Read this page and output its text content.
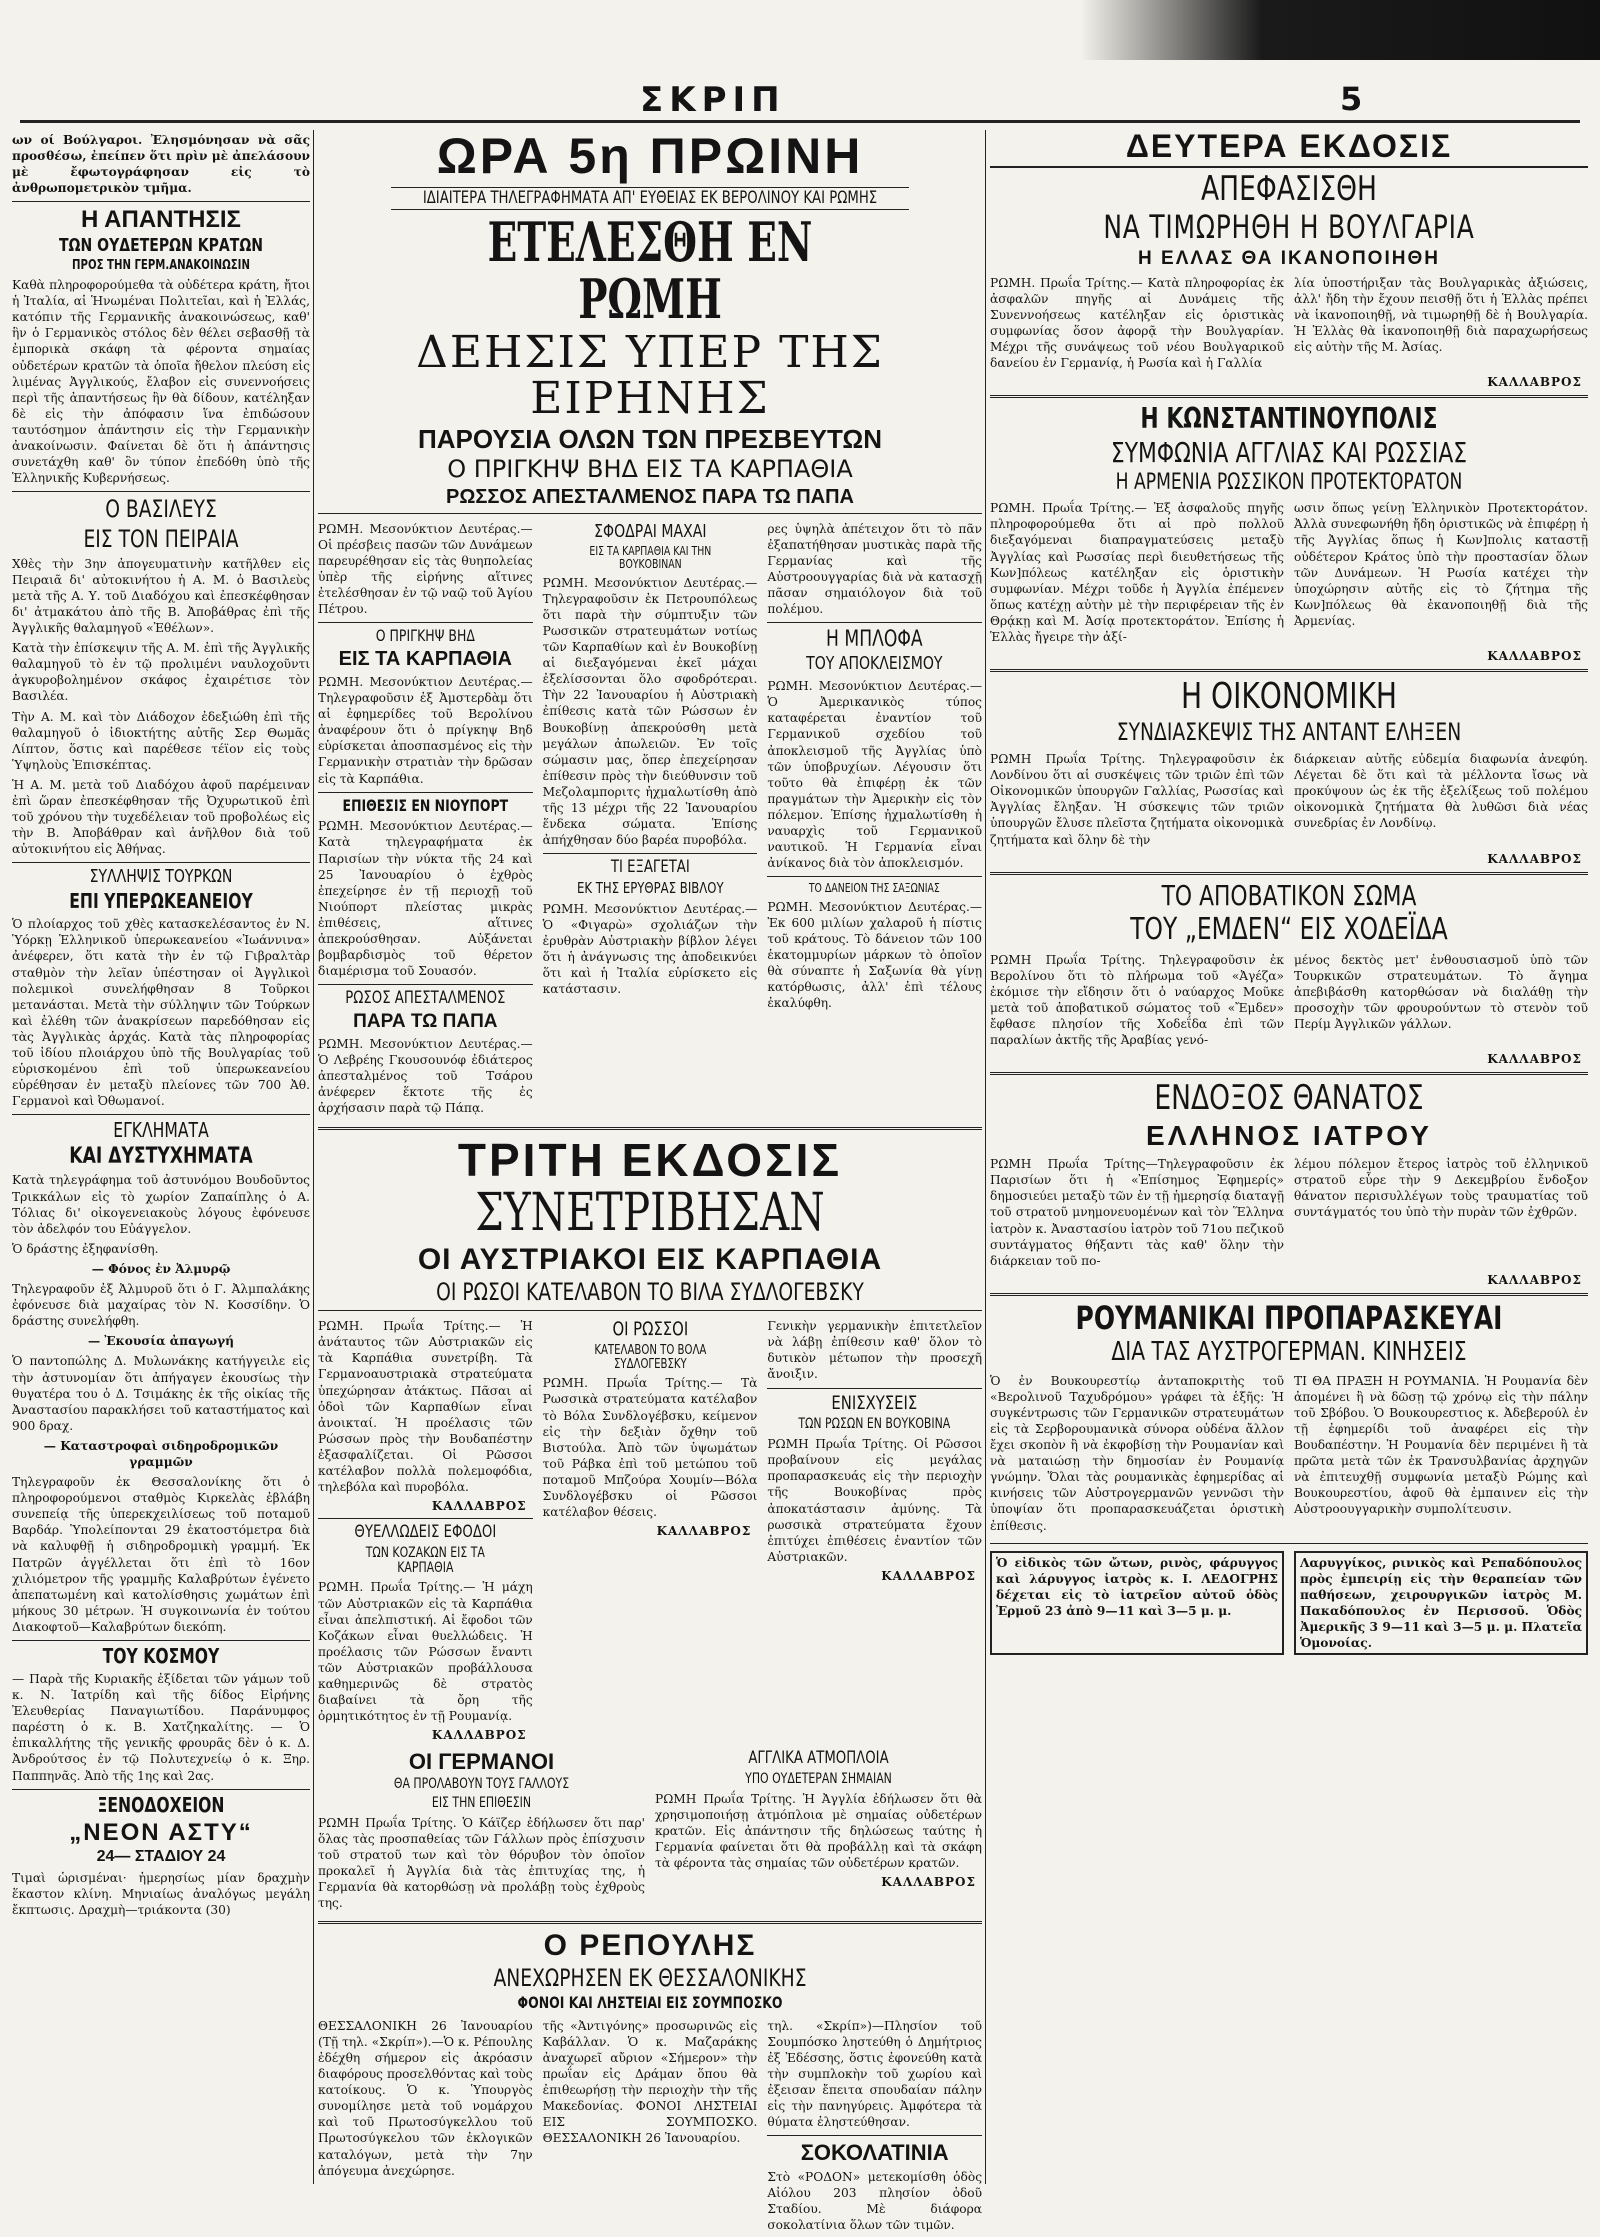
ΣΚΡΙΠ	5
ων οί Βούλγαροι. Ἐλησμόνησαν νὰ σᾶς προσθέσω, ἐπείπεν ὅτι πρὶν μὲ ἀπελάσουν μὲ ἔφωτογράφησαν εἰς τὸ ἀνθρωπομετρικὸν τμῆμα.
Η ΑΠΑΝΤΗΣΙΣ
ΤΩΝ ΟΥΔΕΤΕΡΩΝ ΚΡΑΤΩΝ
ΠΡΟΣ ΤΗΝ ΓΕΡΜ.ΑΝΑΚΟΙΝΩΣΙΝ
Καθὰ πληροφορούμεθα τὰ οὐδέτερα κράτη, ἤτοι ἡ Ἰταλία, αἱ Ἡνωμέναι Πολιτεῖαι, καὶ ἡ Ἑλλάς, κατόπιν τῆς Γερμανικῆς ἀνακοινώσεως, καθ' ἣν ὁ Γερμανικὸς στόλος δὲν θέλει σεβασθῇ τὰ ἐμπορικὰ σκάφη τὰ φέροντα σημαίας οὐδετέρων κρατῶν τὰ ὁποῖα ἤθελον πλεύση εἰς λιμένας Ἀγγλικούς, ἔλαβον εἰς συνεννοήσεις περὶ τῆς ἀπαντήσεως ἣν θὰ δίδουν, κατέληξαν δὲ εἰς τὴν ἀπόφασιν ἵνα ἐπιδώσουν ταυτόσημον ἀπάντησιν εἰς τὴν Γερμανικὴν ἀνακοίνωσιν. Φαίνεται δὲ ὅτι ἡ ἀπάντησις συνετάχθη καθ' ὃν τύπον ἐπεδόθη ὑπὸ τῆς Ἑλληνικῆς Κυβερνήσεως.
Ο ΒΑΣΙΛΕΥΣ
ΕΙΣ ΤΟΝ ΠΕΙΡΑΙΑ
Χθὲς τὴν 3ην ἀπογευματινὴν κατῆλθεν εἰς Πειραιᾶ δι' αὐτοκινήτου ἡ Α. Μ. ὁ Βασιλεὺς μετὰ τῆς Α. Υ. τοῦ Διαδόχου καὶ ἐπεσκέφθησαν δι' ἀτμακάτου ἀπὸ τῆς Β. Ἀποβάθρας ἐπὶ τῆς Ἀγγλικῆς θαλαμηγοῦ «Ἐθέλων».
Κατὰ τὴν ἐπίσκεψιν τῆς Α. Μ. ἐπὶ τῆς Ἀγγλικῆς θαλαμηγοῦ τὸ ἐν τῷ προλιμένι ναυλοχοῦντι ἀγκυροβολημένον σκάφος ἐχαιρέτισε τὸν Βασιλέα.
Τὴν Α. Μ. καὶ τὸν Διάδοχον ἐδεξιώθη ἐπὶ τῆς θαλαμηγοῦ ὁ ἰδιοκτήτης αὐτῆς Σερ Θωμᾶς Λίπτον, ὅστις καὶ παρέθεσε τέϊον εἰς τοὺς Ὑψηλοὺς Ἐπισκέπτας.
Ἡ Α. Μ. μετὰ τοῦ Διαδόχου ἀφοῦ παρέμειναν ἐπὶ ὥραν ἐπεσκέφθησαν τῆς Ὀχυρωτικοῦ ἐπὶ τοῦ χρόνου τὴν τυχεδέλειαν τοῦ προβολέως εἰς τὴν Β. Ἀποβάθραν καὶ ἀνῆλθον διὰ τοῦ αὐτοκινήτου εἰς Ἀθήνας.
ΣΥΛΛΗΨΙΣ ΤΟΥΡΚΩΝ
ΕΠΙ ΥΠΕΡΩΚΕΑΝΕΙΟΥ
Ὁ πλοίαρχος τοῦ χθὲς κατασκελέσαντος ἐν Ν. Ὑόρκῃ Ἑλληνικοῦ ὑπερωκεανείου «Ἰωάννινα» ἀνέφερεν, ὅτι κατὰ τὴν ἐν τῷ Γιβραλτὰρ σταθμὸν τὴν λεῖαν ὑπέστησαν οἱ Ἀγγλικοὶ πολεμικοὶ συνελήφθησαν 8 Τοῦρκοι μετανάσται. Μετὰ τὴν σύλληψιν τῶν Τούρκων καὶ ἐλέθη τῶν ἀνακρίσεων παρεδόθησαν εἰς τὰς Ἀγγλικὰς ἀρχάς. Κατὰ τὰς πληροφορίας τοῦ ἰδίου πλοιάρχου ὑπὸ τῆς Βουλγαρίας τοῦ εὑρισκομένου ἐπὶ τοῦ ὑπερωκεανείου εὑρέθησαν ἐν μεταξὺ πλείονες τῶν 700 Ἀθ. Γερμανοὶ καὶ Ὀθωμανοί.
ΕΓΚΛΗΜΑΤΑ
ΚΑΙ ΔΥΣΤΥΧΗΜΑΤΑ
Κατὰ τηλεγράφημα τοῦ ἀστυνόμου Βουδοῦντος Τρικκάλων εἰς τὸ χωρίον Ζαπαίπλης ὁ Α. Τόλιας δι' οἰκογενειακοὺς λόγους ἐφόνευσε τὸν ἀδελφόν του Εὐάγγελον.
Ὁ δράστης ἐξηφανίσθη.
— Φόνος ἐν Ἀλμυρῷ
Τηλεγραφοῦν ἐξ Ἀλμυροῦ ὅτι ὁ Γ. Ἀλμπαλάκης ἐφόνευσε διὰ μαχαίρας τὸν Ν. Κοσσίδην. Ὁ δράστης συνελήφθη.
— Ἐκουσία ἀπαγωγή
Ὁ παντοπώλης Δ. Μυλωνάκης κατήγγειλε εἰς τὴν ἀστυνομίαν ὅτι ἀπήγαγεν ἐκουσίως τὴν θυγατέρα του ὁ Δ. Τσιμάκης ἐκ τῆς οἰκίας τῆς Ἀναστασίου παρακλήσει τοῦ καταστήματος καὶ 900 δραχ.
— Καταστροφαὶ σιδηροδρομικῶν γραμμῶν
Τηλεγραφοῦν ἐκ Θεσσαλονίκης ὅτι ὁ πληροφορούμενοι σταθμὸς Κιρκελὰς ἐβλάβη συνεπείᾳ τῆς ὑπερεκχειλίσεως τοῦ ποταμοῦ Βαρδάρ. Ὑπολείπονται 29 ἑκατοστόμετρα διὰ νὰ καλυφθῇ ἡ σιδηροδρομικὴ γραμμή. Ἐκ Πατρῶν ἀγγέλλεται ὅτι ἐπὶ τὸ 16ον χιλιόμετρον τῆς γραμμῆς Καλαβρύτων ἐγένετο ἀπεπατωμένη καὶ κατολίσθησις χωμάτων ἐπὶ μήκους 30 μέτρων. Ἡ συγκοινωνία ἐν τούτου Διακοφτοῦ—Καλαβρύτων διεκόπη.
ΤΟΥ ΚΟΣΜΟΥ
— Παρὰ τῆς Κυριακῆς ἐξίδεται τῶν γάμων τοῦ κ. Ν. Ἰατρίδη καὶ τῆς δίδος Εἰρήνης Ἐλευθερίας Παναγιωτίδου. Παράνυμφος παρέστη ὁ κ. Β. Χατζηκαλίτης. — Ὁ ἐπικαλλήτης τῆς γενικῆς φρουρᾶς δὲν ὁ κ. Δ. Ἀνδρούτσος ἐν τῷ Πολυτεχνείῳ ὁ κ. Ξηρ. Παππηνᾶς. Ἀπὸ τῆς 1ης καὶ 2ας.
ΞΕΝΟΔΟΧΕΙΟΝ
„ΝΕΟΝ ΑΣΤΥ“
24— ΣΤΑΔΙΟΥ 24
Τιμαὶ ὡρισμέναι· ἡμερησίως μίαν δραχμὴν ἕκαστον κλίνη. Μηνιαίως ἀναλόγως μεγάλη ἔκπτωσις. Δραχμὴ—τριάκοντα (30)
ΩΡΑ 5η ΠΡΩΙΝΗ
ΙΔΙΑΙΤΕΡΑ ΤΗΛΕΓΡΑΦΗΜΑΤΑ ΑΠ' ΕΥΘΕΙΑΣ ΕΚ ΒΕΡΟΛΙΝΟΥ ΚΑΙ ΡΩΜΗΣ
ΕΤΕΛΕΣΘΗ ΕΝ ΡΩΜΗ
ΔΕΗΣΙΣ ΥΠΕΡ ΤΗΣ ΕΙΡΗΝΗΣ
ΠΑΡΟΥΣΙΑ ΟΛΩΝ ΤΩΝ ΠΡΕΣΒΕΥΤΩΝ
Ο ΠΡΙΓΚΗΨ ΒΗΔ ΕΙΣ ΤΑ ΚΑΡΠΑΘΙΑ
ΡΩΣΣΟΣ ΑΠΕΣΤΑΛΜΕΝΟΣ ΠΑΡΑ ΤΩ ΠΑΠΑ
ΡΩΜΗ. Μεσονύκτιον Δευτέρας.— Οἱ πρέσβεις πασῶν τῶν Δυνάμεων παρευρέθησαν εἰς τὰς θυηπολείας ὑπὲρ τῆς εἰρήνης αἵτινες ἐτελέσθησαν ἐν τῷ ναῷ τοῦ Ἁγίου Πέτρου.
Ο ΠΡΙΓΚΗΨ ΒΗΔ
ΕΙΣ ΤΑ ΚΑΡΠΑΘΙΑ
ΡΩΜΗ. Μεσονύκτιον Δευτέρας.— Τηλεγραφοῦσιν ἐξ Ἀμστερδὰμ ὅτι αἱ ἐφημερίδες τοῦ Βερολίνου ἀναφέρουν ὅτι ὁ πρίγκηψ Βηδ εὑρίσκεται ἀποσπασμένος εἰς τὴν Γερμανικὴν στρατιὰν τὴν δρῶσαν εἰς τὰ Καρπάθια.
ΕΠΙΘΕΣΙΣ ΕΝ ΝΙΟΥΠΟΡΤ
ΡΩΜΗ. Μεσονύκτιον Δευτέρας.— Κατὰ τηλεγραφήματα ἐκ Παρισίων τὴν νύκτα τῆς 24 καὶ 25 Ἰανουαρίου ὁ ἐχθρὸς ἐπεχείρησε ἐν τῇ περιοχῇ τοῦ Νιούπορτ πλείστας μικρὰς ἐπιθέσεις, αἵτινες ἀπεκρούσθησαν. Αὐξάνεται βομβαρδισμὸς τοῦ θέρετον διαμέρισμα τοῦ Σουασόν.
ΡΩΣΟΣ ΑΠΕΣΤΑΛΜΕΝΟΣ
ΠΑΡΑ ΤΩ ΠΑΠΑ
ΡΩΜΗ. Μεσονύκτιον Δευτέρας.— Ὁ Λεβρέης Γκουσουνόφ ἐδιάτερος ἀπεσταλμένος τοῦ Τσάρου ἀνέφερεν ἕκτοτε τῆς ἐς ἀρχήσασιν παρὰ τῷ Πάπᾳ.
ΣΦΟΔΡΑΙ ΜΑΧΑΙ
ΕΙΣ ΤΑ ΚΑΡΠΑΘΙΑ ΚΑΙ ΤΗΝ ΒΟΥΚΟΒΙΝΑΝ
ΡΩΜΗ. Μεσονύκτιον Δευτέρας.— Τηλεγραφοῦσιν ἐκ Πετρουπόλεως ὅτι παρὰ τὴν σύμπτυξιν τῶν Ρωσσικῶν στρατευμάτων νοτίως τῶν Καρπαθίων καὶ ἐν Βουκοβίνῃ αἱ διεξαγόμεναι ἐκεῖ μάχαι ἐξελίσσονται ὅλο σφοδρότεραι. Τὴν 22 Ἰανουαρίου ἡ Αὐστριακὴ ἐπίθεσις κατὰ τῶν Ρώσσων ἐν Βουκοβίνῃ ἀπεκρούσθη μετὰ μεγάλων ἀπωλειῶν. Ἐν τοῖς σώμασιν μας, ὅπερ ἐπεχείρησαν ἐπίθεσιν πρὸς τὴν διεύθυνσιν τοῦ Μεζολαμποριτς ἠχμαλωτίσθη ἀπὸ τῆς 13 μέχρι τῆς 22 Ἰανουαρίου ἕνδεκα σώματα. Ἐπίσης ἀπήχθησαν δύο βαρέα πυροβόλα.
ΤΙ ΕΞΑΓΕΤΑΙ
ΕΚ ΤΗΣ ΕΡΥΘΡΑΣ ΒΙΒΛΟΥ
ΡΩΜΗ. Μεσονύκτιον Δευτέρας.— Ὁ «Φιγαρὼ» σχολιάζων τὴν ἐρυθρὰν Αὐστριακὴν βίβλον λέγει ὅτι ἡ ἀνάγνωσις της ἀποδεικνύει ὅτι καὶ ἡ Ἰταλία εὑρίσκετο εἰς κατάστασιν.
ρες ὑψηλὰ ἀπέτειχον ὅτι τὸ πᾶν ἐξαπατήθησαν μυστικὰς παρὰ τῆς Γερμανίας καὶ τῆς Αὐστροουγγαρίας διὰ νὰ κατασχῇ πᾶσαν σημαιόλογον διὰ τοῦ πολέμου.
Η ΜΠΛΟΦΑ
ΤΟΥ ΑΠΟΚΛΕΙΣΜΟΥ
ΡΩΜΗ. Μεσονύκτιον Δευτέρας.— Ὁ Ἀμερικανικὸς τύπος καταφέρεται ἐναντίον τοῦ Γερμανικοῦ σχεδίου τοῦ ἀποκλεισμοῦ τῆς Ἀγγλίας ὑπὸ τῶν ὑποβρυχίων. Λέγουσιν ὅτι τοῦτο θὰ ἐπιφέρῃ ἐκ τῶν πραγμάτων τὴν Ἀμερικὴν εἰς τὸν πόλεμον. Ἐπίσης ἠχμαλωτίσθη ἡ ναυαρχὶς τοῦ Γερμανικοῦ ναυτικοῦ. Ἡ Γερμανία εἶναι ἀνίκανος διὰ τὸν ἀποκλεισμόν.
ΤΟ ΔΑΝΕΙΟΝ ΤΗΣ ΣΑΞΩΝΙΑΣ
ΡΩΜΗ. Μεσονύκτιον Δευτέρας.— Ἐκ 600 μιλίων χαλαροῦ ἡ πίστις τοῦ κράτους. Τὸ δάνειον τῶν 100 ἑκατομμυρίων μάρκων τὸ ὁποῖον θὰ σύναπτε ἡ Σαξωνία θὰ γίνῃ κατόρθωσις, ἀλλ' ἐπὶ τέλους ἐκαλύφθη.
ΤΡΙΤΗ ΕΚΔΟΣΙΣ
ΣΥΝΕΤΡΙΒΗΣΑΝ
ΟΙ ΑΥΣΤΡΙΑΚΟΙ ΕΙΣ ΚΑΡΠΑΘΙΑ
ΟΙ ΡΩΣΟΙ ΚΑΤΕΛΑΒΟΝ ΤΟ ΒΙΛΑ ΣΥΔΛΟΓΕΒΣΚΥ
ΡΩΜΗ. Πρωΐα Τρίτης.— Ἡ ἀνάταυτος τῶν Αὐστριακῶν εἰς τὰ Καρπάθια συνετρίβη. Τὰ Γερμανοαυστριακὰ στρατεύματα ὑπεχώρησαν ἀτάκτως. Πᾶσαι αἱ ὁδοὶ τῶν Καρπαθίων εἶναι ἀνοικταί. Ἡ προέλασις τῶν Ρώσσων πρὸς τὴν Βουδαπέστην ἐξασφαλίζεται. Οἱ Ρῶσσοι κατέλαβον πολλὰ πολεμοφόδια, τηλεβόλα καὶ πυροβόλα.
ΚΑΛΛΑΒΡΟΣ
ΘΥΕΛΛΩΔΕΙΣ ΕΦΟΔΟΙ
ΤΩΝ ΚΟΖΑΚΩΝ ΕΙΣ ΤΑ ΚΑΡΠΑΘΙΑ
ΡΩΜΗ. Πρωΐα Τρίτης.— Ἡ μάχη τῶν Αὐστριακῶν εἰς τὰ Καρπάθια εἶναι ἀπελπιστική. Αἱ ἔφοδοι τῶν Κοζάκων εἶναι θυελλώδεις. Ἡ προέλασις τῶν Ρώσσων ἔναντι τῶν Αὐστριακῶν προβάλλουσα καθημερινῶς δὲ στρατὸς διαβαίνει τὰ ὄρη τῆς ὀρμητικότητος ἐν τῇ Ρουμανίᾳ.
ΚΑΛΛΑΒΡΟΣ
ΟΙ ΡΩΣΣΟΙ
ΚΑΤΕΛΑΒΟΝ ΤΟ ΒΟΛΑ ΣΥΔΛΟΓΕΒΣΚΥ
ΡΩΜΗ. Πρωΐα Τρίτης.— Τὰ Ρωσσικὰ στρατεύματα κατέλαβον τὸ Βόλα Συνδλογέβσκυ, κείμενον εἰς τὴν δεξιὰν ὄχθην τοῦ Βιστούλα. Ἀπὸ τῶν ὑψωμάτων τοῦ Ράβκα ἐπὶ τοῦ μετώπου τοῦ ποταμοῦ Μπζούρα Χουμίν—Βόλα Συνδλογέβσκυ οἱ Ρῶσσοι κατέλαβον θέσεις.
ΚΑΛΛΑΒΡΟΣ
Γενικὴν γερμανικὴν ἐπιτετλεῖον νὰ λάβῃ ἐπίθεσιν καθ' ὅλον τὸ δυτικὸν μέτωπον τὴν προσεχῆ ἄνοιξιν.
ΕΝΙΣΧΥΣΕΙΣ
ΤΩΝ ΡΩΣΩΝ ΕΝ ΒΟΥΚΟΒΙΝΑ
ΡΩΜΗ Πρωΐα Τρίτης. Οἱ Ρῶσσοι προβαίνουν εἰς μεγάλας προπαρασκευάς εἰς τὴν περιοχὴν τῆς Βουκοβίνας πρὸς ἀποκατάστασιν ἀμύνης. Τὰ ρωσσικὰ στρατεύματα ἔχουν ἐπιτύχει ἐπιθέσεις ἐναντίον τῶν Αὐστριακῶν.
ΚΑΛΛΑΒΡΟΣ
ΟΙ ΓΕΡΜΑΝΟΙ
ΘΑ ΠΡΟΛΑΒΟΥΝ ΤΟΥΣ ΓΑΛΛΟΥΣ
ΕΙΣ ΤΗΝ ΕΠΙΘΕΣΙΝ
ΡΩΜΗ Πρωΐα Τρίτης. Ὁ Κάϊζερ ἐδήλωσεν ὅτι παρ' ὅλας τὰς προσπαθείας τῶν Γάλλων πρὸς ἐπίσχυσιν τοῦ στρατοῦ των καὶ τὸν θόρυβον τὸν ὁποῖον προκαλεῖ ἡ Ἀγγλία διὰ τὰς ἐπιτυχίας της, ἡ Γερμανία θὰ κατορθώσῃ νὰ προλάβῃ τοὺς ἐχθροὺς της.
ΑΓΓΛΙΚΑ ΑΤΜΟΠΛΟΙΑ
ΥΠΟ ΟΥΔΕΤΕΡΑΝ ΣΗΜΑΙΑΝ
ΡΩΜΗ Πρωΐα Τρίτης. Ἡ Ἀγγλία ἐδήλωσεν ὅτι θὰ χρησιμοποιήσῃ ἀτμόπλοια μὲ σημαίας οὐδετέρων κρατῶν. Εἰς ἀπάντησιν τῆς δηλώσεως ταύτης ἡ Γερμανία φαίνεται ὅτι θὰ προβάλλῃ καὶ τὰ σκάφη τὰ φέροντα τὰς σημαίας τῶν οὐδετέρων κρατῶν.
ΚΑΛΛΑΒΡΟΣ
Ο ΡΕΠΟΥΛΗΣ
ΑΝΕΧΩΡΗΣΕΝ ΕΚ ΘΕΣΣΑΛΟΝΙΚΗΣ
ΦΟΝΟΙ ΚΑΙ ΛΗΣΤΕΙΑΙ ΕΙΣ ΣΟΥΜΠΟΣΚΟ
ΘΕΣΣΑΛΟΝΙΚΗ 26 Ἰανουαρίου (Τῇ τηλ. «Σκρίπ»).—Ὁ κ. Ρέπουλης ἐδέχθη σήμερον εἰς ἀκρόασιν διαφόρους προσελθόντας καὶ τοὺς κατοίκους. Ὁ κ. Ὑπουργὸς συνομίλησε μετὰ τοῦ νομάρχου καὶ τοῦ Πρωτοσύγκελλου τοῦ Πρωτοσύγκελου τῶν ἐκλογικῶν καταλόγων, μετὰ τὴν 7ην ἀπόγευμα ἀνεχώρησε.
τῆς «Ἀντιγόνης» προσωρινῶς εἰς Καβάλλαν. Ὁ κ. Μαζαράκης ἀναχωρεῖ αὔριον «Σήμερον» τὴν πρωΐαν εἰς Δράμαν ὅπου θὰ ἐπιθεωρήσῃ τὴν περιοχὴν τὴν τῆς Μακεδονίας. ΦΟΝΟΙ ΛΗΣΤΕΙΑΙ ΕΙΣ ΣΟΥΜΠΟΣΚΟ. ΘΕΣΣΑΛΟΝΙΚΗ 26 Ἰανουαρίου.
τηλ. «Σκρίπ»)—Πλησίον τοῦ Σουμπόσκο ληστεύθη ὁ Δημήτριος ἐξ Ἐδέσσης, ὅστις ἐφονεύθη κατὰ τὴν συμπλοκὴν τοῦ χωρίου καὶ ἐξεισαν ἔπειτα σπουδαίαν πάλην εἰς τὴν πανηγύρεις. Ἀμφότερα τὰ θύματα ἐληστεύθησαν.
ΣΟΚΟΛΑΤΙΝΙΑ
Στὸ «ΡΟΔΟΝ» μετεκομίσθη ὁδὸς Αἰόλου 203 πλησίον ὁδοῦ Σταδίου. Μὲ διάφορα σοκολατίνια ὅλων τῶν τιμῶν.
ΔΕΥΤΕΡΑ ΕΚΔΟΣΙΣ
ΑΠΕΦΑΣΙΣΘΗ
ΝΑ ΤΙΜΩΡΗΘΗ Η ΒΟΥΛΓΑΡΙΑ
Η ΕΛΛΑΣ ΘΑ ΙΚΑΝΟΠΟΙΗΘΗ
ΡΩΜΗ. Πρωΐα Τρίτης.— Κατὰ πληροφορίας ἐκ ἀσφαλῶν πηγῆς αἱ Δυνάμεις τῆς Συνεννοήσεως κατέληξαν εἰς ὁριστικὰς συμφωνίας ὅσον ἀφορᾷ τὴν Βουλγαρίαν. Μέχρι τῆς συνάψεως τοῦ νέου Βουλγαρικοῦ δανείου ἐν Γερμανίᾳ, ἡ Ρωσία καὶ ἡ Γαλλία
λία ὑποστήριξαν τὰς Βουλγαρικὰς ἀξιώσεις, ἀλλ' ἤδη τὴν ἔχουν πεισθῇ ὅτι ἡ Ἑλλὰς πρέπει νὰ ἱκανοποιηθῇ, νὰ τιμωρηθῇ δὲ ἡ Βουλγαρία. Ἡ Ἑλλὰς θὰ ἱκανοποιηθῇ διὰ παραχωρήσεως εἰς αὐτὴν τῆς Μ. Ἀσίας.
ΚΑΛΛΑΒΡΟΣ
Η ΚΩΝΣΤΑΝΤΙΝΟΥΠΟΛΙΣ
ΣΥΜΦΩΝΙΑ ΑΓΓΛΙΑΣ ΚΑΙ ΡΩΣΣΙΑΣ
Η ΑΡΜΕΝΙΑ ΡΩΣΣΙΚΟΝ ΠΡΟΤΕΚΤΟΡΑΤΟΝ
ΡΩΜΗ. Πρωΐα Τρίτης.— Ἐξ ἀσφαλοῦς πηγῆς πληροφορούμεθα ὅτι αἱ πρὸ πολλοῦ διεξαγόμεναι διαπραγματεύσεις μεταξὺ Ἀγγλίας καὶ Ρωσσίας περὶ διευθετήσεως τῆς Κων]πόλεως κατέληξαν εἰς ὁριστικὴν συμφωνίαν. Μέχρι τοῦδε ἡ Ἀγγλία ἐπέμενεν ὅπως κατέχῃ αὐτὴν μὲ τὴν περιφέρειαν τῆς ἐν Θρᾴκῃ καὶ Μ. Ἀσίᾳ προτεκτοράτον. Ἐπίσης ἡ Ἑλλὰς ἤγειρε τὴν ἀξί-
ωσιν ὅπως γείνῃ Ἑλληνικὸν Προτεκτοράτον. Ἀλλὰ συνεφωνήθη ἤδη ὁριστικῶς νὰ ἐπιφέρῃ ἡ τῆς Ἀγγλίας ὅπως ἡ Κων]πολις καταστῇ οὐδέτερον Κράτος ὑπὸ τὴν προστασίαν ὅλων τῶν Δυνάμεων. Ἡ Ρωσία κατέχει τὴν ὑποχώρησιν αὐτῆς εἰς τὸ ζήτημα τῆς Κων]πόλεως θὰ ἐκανοποιηθῇ διὰ τῆς Ἀρμενίας.
ΚΑΛΛΑΒΡΟΣ
Η ΟΙΚΟΝΟΜΙΚΗ
ΣΥΝΔΙΑΣΚΕΨΙΣ ΤΗΣ ΑΝΤΑΝΤ ΕΛΗΞΕΝ
ΡΩΜΗ Πρωΐα Τρίτης. Τηλεγραφοῦσιν ἐκ Λονδίνου ὅτι αἱ συσκέψεις τῶν τριῶν ἐπὶ τῶν Οἰκονομικῶν ὑπουργῶν Γαλλίας, Ρωσσίας καὶ Ἀγγλίας ἔληξαν. Ἡ σύσκεψις τῶν τριῶν ὑπουργῶν ἔλυσε πλεῖστα ζητήματα οἰκονομικὰ ζητήματα καὶ ὅλην δὲ τὴν
διάρκειαν αὐτῆς εὐδεμία διαφωνία ἀνεφύη. Λέγεται δὲ ὅτι καὶ τὰ μέλλοντα ἴσως νὰ προκύψουν ὡς ἐκ τῆς ἐξελίξεως τοῦ πολέμου οἰκονομικὰ ζητήματα θὰ λυθῶσι διὰ νέας συνεδρίας ἐν Λονδίνῳ.
ΚΑΛΛΑΒΡΟΣ
ΤΟ ΑΠΟΒΑΤΙΚΟΝ ΣΩΜΑ
ΤΟΥ „ΕΜΔΕΝ“ ΕΙΣ ΧΟΔΕΪΔΑ
ΡΩΜΗ Πρωΐα Τρίτης. Τηλεγραφοῦσιν ἐκ Βερολίνου ὅτι τὸ πλήρωμα τοῦ «Ἀγέζα» ἐκόμισε τὴν εἴδησιν ὅτι ὁ ναύαρχος Μοῦκε μετὰ τοῦ ἀποβατικοῦ σώματος τοῦ «Ἔμδεν» ἔφθασε πλησίον τῆς Χοδεΐδα ἐπὶ τῶν παραλίων ἀκτῆς τῆς Ἀραβίας γενό-
μένος δεκτὸς μετ' ἐνθουσιασμοῦ ὑπὸ τῶν Τουρκικῶν στρατευμάτων. Τὸ ἄγημα ἀπεβιβάσθη κατορθώσαν νὰ διαλάθῃ τὴν προσοχὴν τῶν φρουρούντων τὸ στενὸν τοῦ Περίμ Ἀγγλικῶν γάλλων.
ΚΑΛΛΑΒΡΟΣ
ΕΝΔΟΞΟΣ ΘΑΝΑΤΟΣ
ΕΛΛΗΝΟΣ ΙΑΤΡΟΥ
ΡΩΜΗ Πρωΐα Τρίτης—Τηλεγραφοῦσιν ἐκ Παρισίων ὅτι ἡ «Ἐπίσημος Ἐφημερίς» δημοσιεύει μεταξὺ τῶν ἐν τῇ ἡμερησίᾳ διαταγῇ τοῦ στρατοῦ μνημονευομένων καὶ τὸν Ἕλληνα ἰατρὸν κ. Ἀναστασίου ἰατρὸν τοῦ 71ου πεζικοῦ συντάγματος θήξαντι τὰς καθ' ὅλην τὴν διάρκειαν τοῦ πο-
λέμου πόλεμον ἔτερος ἰατρὸς τοῦ ἐλληνικοῦ στρατοῦ εὗρε τὴν 9 Δεκεμβρίου ἔνδοξον θάνατον περισυλλέγων τοὺς τραυματίας τοῦ συντάγματός του ὑπὸ τὴν πυρὰν τῶν ἐχθρῶν.
ΚΑΛΛΑΒΡΟΣ
ΡΟΥΜΑΝΙΚΑΙ ΠΡΟΠΑΡΑΣΚΕΥΑΙ
ΔΙΑ ΤΑΣ ΑΥΣΤΡΟΓΕΡΜΑΝ. ΚΙΝΗΣΕΙΣ
Ὁ ἐν Βουκουρεστίῳ ἀνταποκριτὴς τοῦ «Βερολινοῦ Ταχυδρόμου» γράφει τὰ ἑξῆς: Ἡ συγκέντρωσις τῶν Γερμανικῶν στρατευμάτων εἰς τὰ Σερβορουμανικὰ σύνορα οὐδένα ἄλλον ἔχει σκοπὸν ἢ νὰ ἐκφοβίσῃ τὴν Ρουμανίαν καὶ νὰ ματαιώσῃ τὴν δημοσίαν ἐν Ρουμανίᾳ γνώμην. Ὅλαι τὰς ρουμανικὰς ἐφημερίδας αἱ κινήσεις τῶν Αὐστρογερμανῶν γεννῶσι τὴν ὑποψίαν ὅτι προπαρασκευάζεται ὁριστικὴ ἐπίθεσις.
ΤΙ ΘΑ ΠΡΑΞΗ Η ΡΟΥΜΑΝΙΑ. Ἡ Ρουμανία δὲν ἀπομένει ἢ νὰ δῶσῃ τῷ χρόνῳ εἰς τὴν πάλην τοῦ Σβόβου. Ὁ Βουκουρεστιος κ. Ἀδεβερούλ ἐν τῇ ἐφημερίδι τοῦ ἀναφέρει εἰς τὴν Βουδαπέστην. Ἡ Ρουμανία δὲν περιμένει ἢ τὰ πρῶτα μετὰ τῶν ἐκ Τρανσυλβανίας ἀρχηγῶν νὰ ἐπιτευχθῇ συμφωνία μεταξὺ Ρώμης καὶ Βουκουρεστίου, ἀφοῦ θὰ ἐμπαινεν εἰς τὴν Αὐστροουγγαρικὴν συμπολίτευσιν.
Ὁ εἰδικὸς τῶν ὤτων, ρινὸς, φάρυγγος καὶ λάρυγγος ἰατρὸς κ. Ι. ΛΕΔΟΓΡΗΣ δέχεται εἰς τὸ ἰατρεῖον αὐτοῦ ὁδὸς Ἐρμοῦ 23 ἀπὸ 9—11 καὶ 3—5 μ. μ.
Λαρυγγίκος, ρινικὸς καὶ Ρεπαδόπουλος πρὸς ἐμπειρίῃ εἰς τὴν θεραπείαν τῶν παθήσεων, χειρουργικῶν ἰατρὸς Μ. Πακαδόπουλος ἐν Περισσοῦ. Ὁδὸς Ἀμερικῆς 3 9—11 καὶ 3—5 μ. μ. Πλατεῖα Ὁμονοίας.
